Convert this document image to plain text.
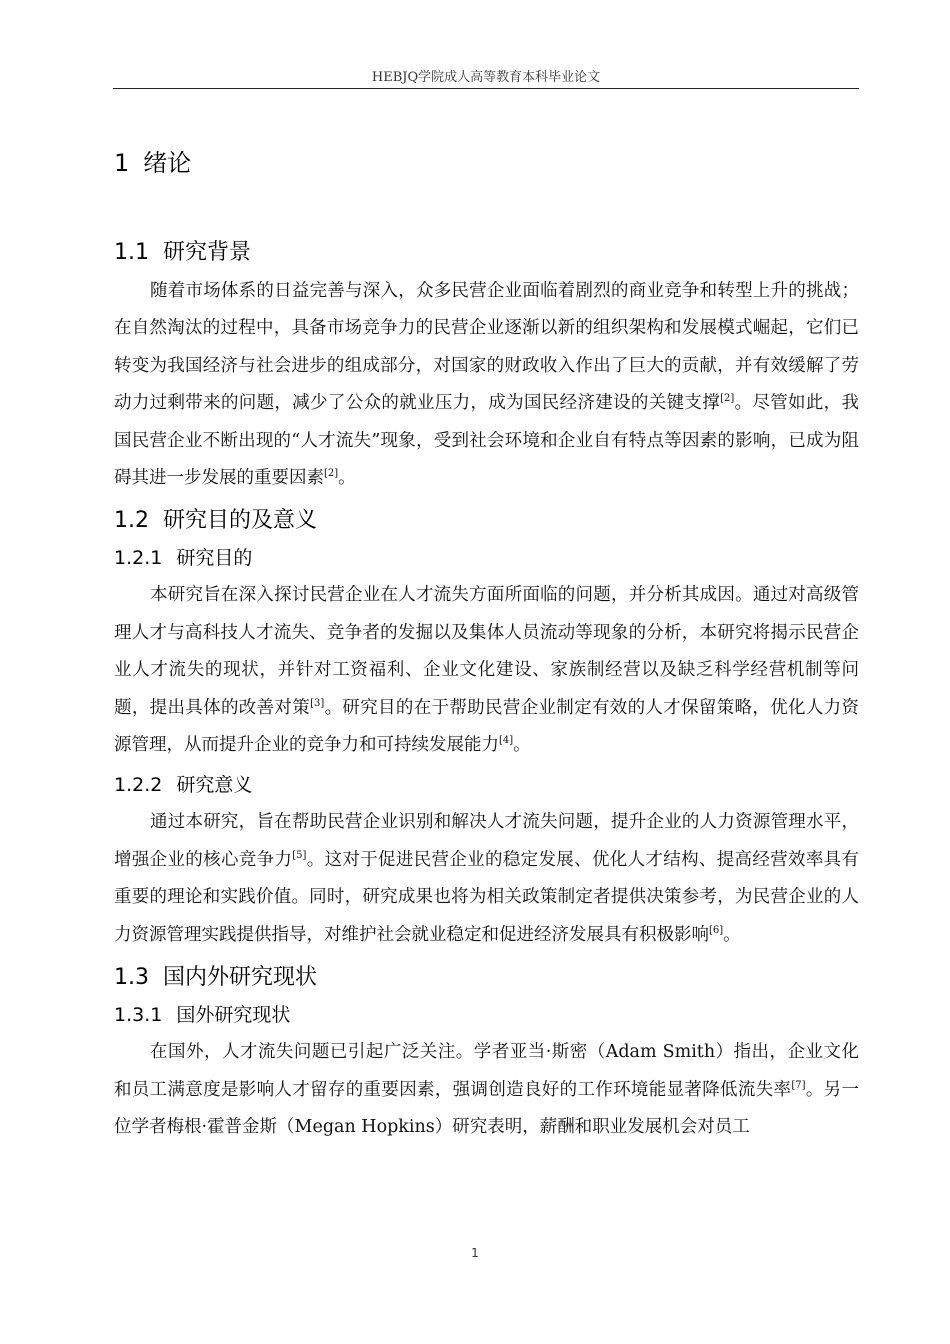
HEBJQ学院成人高等教育本科毕业论文
1 绪论
1.1 研究背景

随着市场体系的日益完善与深入，众多民营企业面临着剧烈的商业竞争和转型上升的挑战；在自然淘汰的过程中，具备市场竞争力的民营企业逐渐以新的组织架构和发展模式崛起，它们已转变为我国经济与社会进步的组成部分，对国家的财政收入作出了巨大的贡献，并有效缓解了劳动力过剩带来的问题，减少了公众的就业压力，成为国民经济建设的关键支撑[2]。尽管如此，我国民营企业不断出现的“人才流失”现象，受到社会环境和企业自有特点等因素的影响，已成为阻碍其进一步发展的重要因素[2]。

1.2 研究目的及意义
1.2.1 研究目的

本研究旨在深入探讨民营企业在人才流失方面所面临的问题，并分析其成因。通过对高级管理人才与高科技人才流失、竞争者的发掘以及集体人员流动等现象的分析，本研究将揭示民营企业人才流失的现状，并针对工资福利、企业文化建设、家族制经营以及缺乏科学经营机制等问题，提出具体的改善对策[3]。研究目的在于帮助民营企业制定有效的人才保留策略，优化人力资源管理，从而提升企业的竞争力和可持续发展能力[4]。

1.2.2 研究意义

通过本研究，旨在帮助民营企业识别和解决人才流失问题，提升企业的人力资源管理水平，增强企业的核心竞争力[5]。这对于促进民营企业的稳定发展、优化人才结构、提高经营效率具有重要的理论和实践价值。同时，研究成果也将为相关政策制定者提供决策参考，为民营企业的人力资源管理实践提供指导，对维护社会就业稳定和促进经济发展具有积极影响[6]。

1.3 国内外研究现状
1.3.1 国外研究现状

在国外，人才流失问题已引起广泛关注。学者亚当·斯密（Adam Smith）指出，企业文化和员工满意度是影响人才留存的重要因素，强调创造良好的工作环境能显著降低流失率[7]。另一位学者梅根·霍普金斯（Megan Hopkins）研究表明，薪酬和职业发展机会对员工

1
